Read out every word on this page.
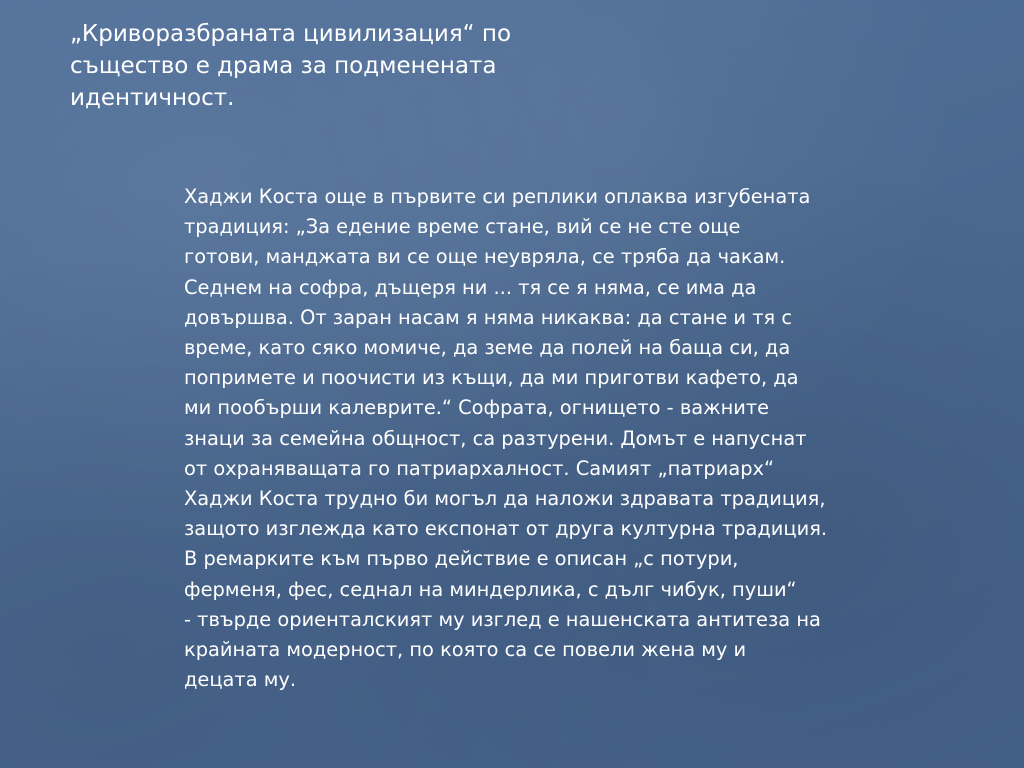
„Криворазбраната цивилизация“ по
същество е драма за подменената
идентичност.

Хаджи Коста още в първите си реплики оплаква изгубената
традиция: „За едение време стане, вий се не сте още
готови, манджата ви се още неувряла, се тряба да чакам.
Седнем на софра, дъщеря ни ... тя се я няма, се има да
довършва. От заран насам я няма никаква: да стане и тя с
време, като сяко момиче, да земе да полей на баща си, да
попримете и поочисти из къщи, да ми приготви кафето, да
ми пообърши калеврите.“ Софрата, огнището - важните
знаци за семейна общност, са разтурени. Домът е напуснат
от охраняващата го патриархалност. Самият „патриарх“
Хаджи Коста трудно би могъл да наложи здравата традиция,
защото изглежда като експонат от друга културна традиция.
В ремарките към първо действие е описан „с потури,
ферменя, фес, седнал на миндерлика, с дълг чибук, пуши“
- твърде ориенталският му изглед е нашенската антитеза на
крайната модерност, по която са се повели жена му и
децата му.
